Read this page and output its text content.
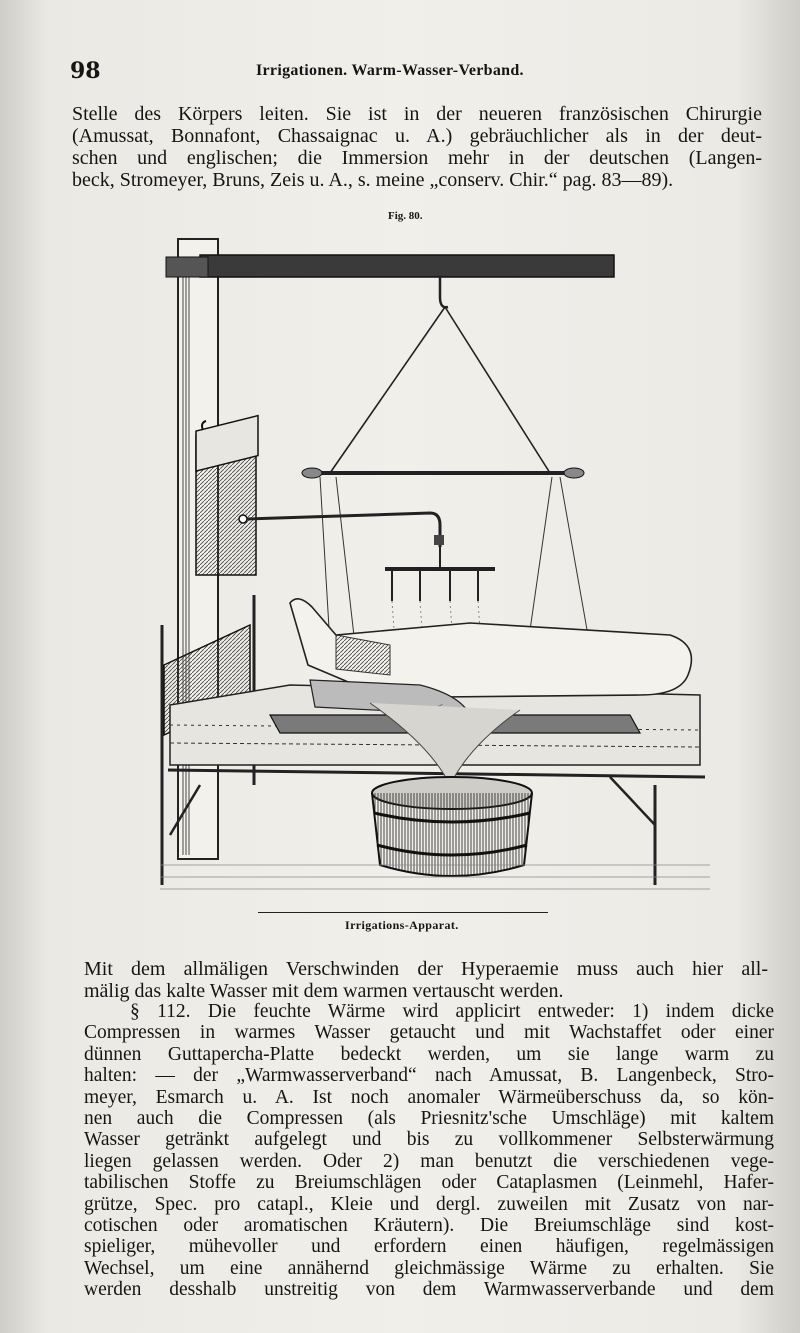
98	Irrigationen. Warm-Wasser-Verband.

Stelle des Körpers leiten. Sie ist in der neueren französischen Chirurgie
(Amussat, Bonnafont, Chassaignac u. A.) gebräuchlicher als in der deut-
schen und englischen; die Immersion mehr in der deutschen (Langen-
beck, Stromeyer, Bruns, Zeis u. A., s. meine „conserv. Chir.“ pag. 83—89).

Fig. 80.
Irrigations-Apparat.

Mit dem allmäligen Verschwinden der Hyperaemie muss auch hier all-
mälig das kalte Wasser mit dem warmen vertauscht werden.

§ 112. Die feuchte Wärme wird applicirt entweder: 1) indem dicke
Compressen in warmes Wasser getaucht und mit Wachstaffet oder einer
dünnen Guttapercha-Platte bedeckt werden, um sie lange warm zu
halten: — der „Warmwasserverband“ nach Amussat, B. Langenbeck, Stro-
meyer, Esmarch u. A. Ist noch anomaler Wärmeüberschuss da, so kön-
nen auch die Compressen (als Priesnitz'sche Umschläge) mit kaltem
Wasser getränkt aufgelegt und bis zu vollkommener Selbsterwärmung
liegen gelassen werden. Oder 2) man benutzt die verschiedenen vege-
tabilischen Stoffe zu Breiumschlägen oder Cataplasmen (Leinmehl, Hafer-
grütze, Spec. pro catapl., Kleie und dergl. zuweilen mit Zusatz von nar-
cotischen oder aromatischen Kräutern). Die Breiumschläge sind kost-
spieliger, mühevoller und erfordern einen häufigen, regelmässigen
Wechsel, um eine annähernd gleichmässige Wärme zu erhalten. Sie
werden desshalb unstreitig von dem Warmwasserverbande und dem
